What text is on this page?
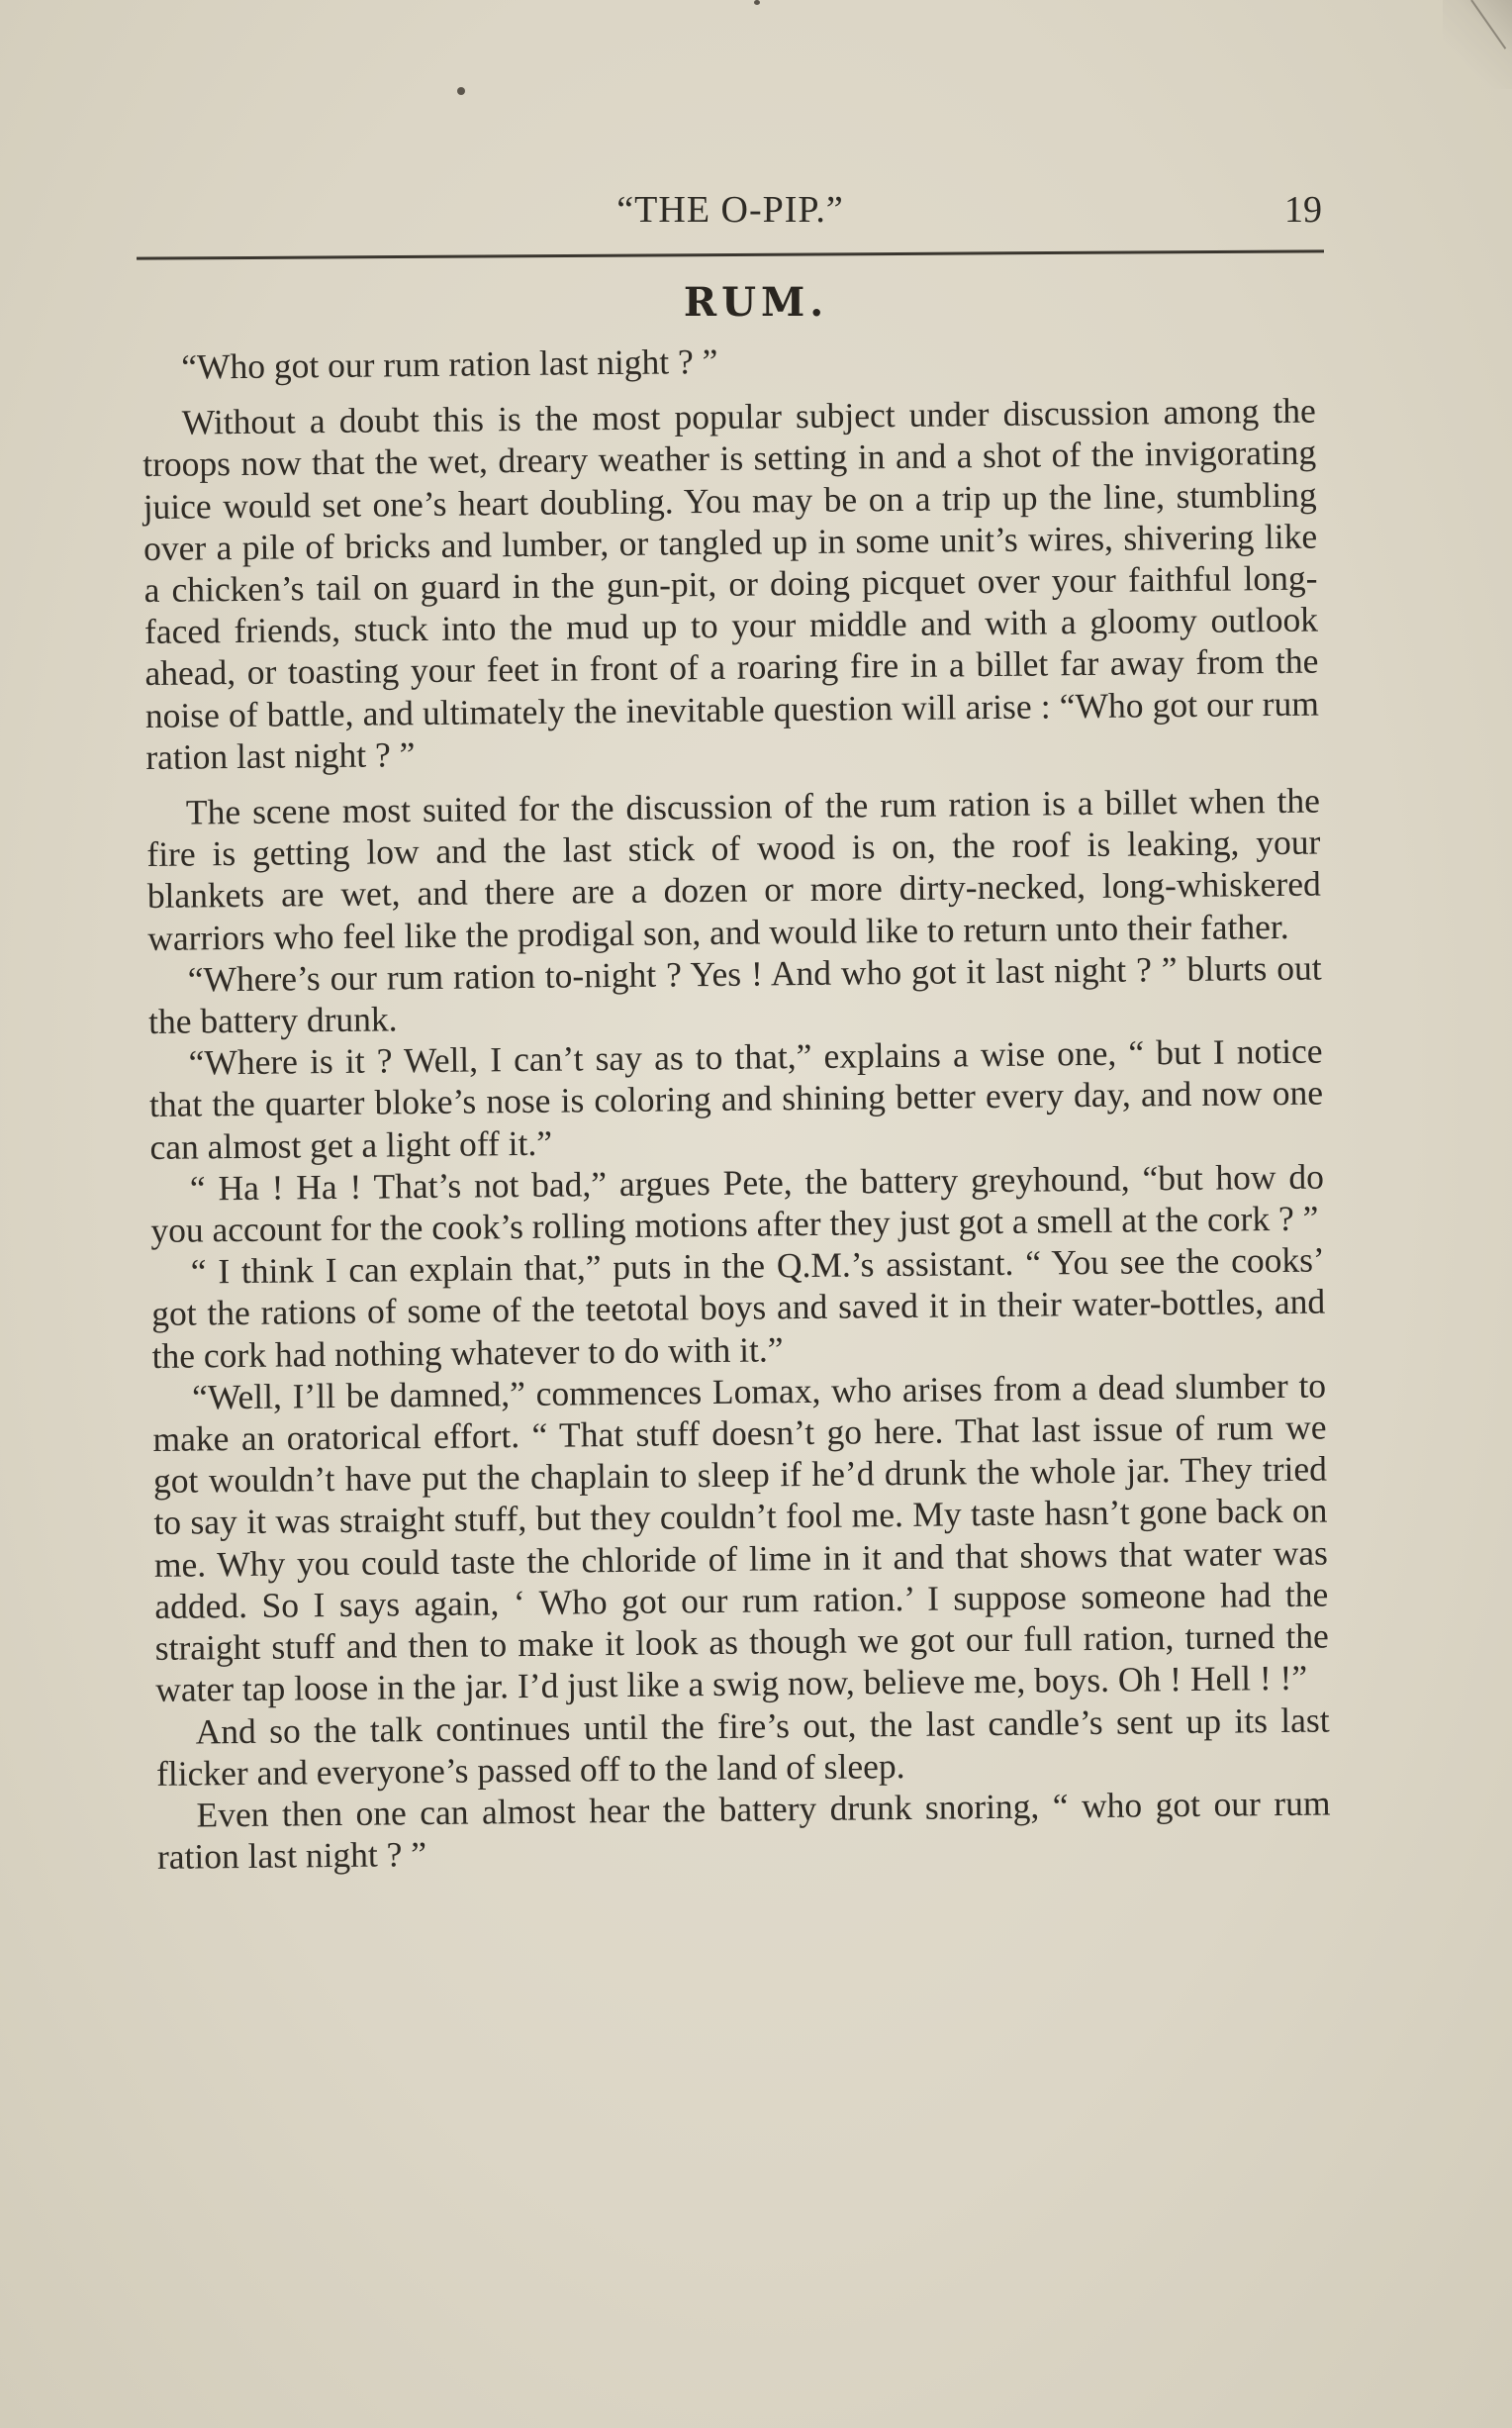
“THE O-PIP.”	19
RUM.

“Who got our rum ration last night ? ”

Without a doubt this is the most popular subject under discussion among the troops now that the wet, dreary weather is setting in and a shot of the invigorating juice would set one’s heart doubling. You may be on a trip up the line, stumbling over a pile of bricks and lumber, or tangled up in some unit’s wires, shivering like a chicken’s tail on guard in the gun-pit, or doing picquet over your faithful long-faced friends, stuck into the mud up to your middle and with a gloomy outlook ahead, or toasting your feet in front of a roaring fire in a billet far away from the noise of battle, and ultimately the inevitable question will arise : “Who got our rum ration last night ? ”

The scene most suited for the discussion of the rum ration is a billet when the fire is getting low and the last stick of wood is on, the roof is leaking, your blankets are wet, and there are a dozen or more dirty-necked, long-whiskered warriors who feel like the prodigal son, and would like to return unto their father.

“Where’s our rum ration to-night ? Yes ! And who got it last night ? ” blurts out the battery drunk.

“Where is it ? Well, I can’t say as to that,” explains a wise one, “ but I notice that the quarter bloke’s nose is coloring and shining better every day, and now one can almost get a light off it.”

“ Ha ! Ha ! That’s not bad,” argues Pete, the battery greyhound, “but how do you account for the cook’s rolling motions after they just got a smell at the cork ? ”

“ I think I can explain that,” puts in the Q.M.’s assistant. “ You see the cooks’ got the rations of some of the teetotal boys and saved it in their water-bottles, and the cork had nothing whatever to do with it.”

“Well, I’ll be damned,” commences Lomax, who arises from a dead slumber to make an oratorical effort. “ That stuff doesn’t go here. That last issue of rum we got wouldn’t have put the chaplain to sleep if he’d drunk the whole jar. They tried to say it was straight stuff, but they couldn’t fool me. My taste hasn’t gone back on me. Why you could taste the chloride of lime in it and that shows that water was added. So I says again, ‘ Who got our rum ration.’ I suppose someone had the straight stuff and then to make it look as though we got our full ration, turned the water tap loose in the jar. I’d just like a swig now, believe me, boys. Oh ! Hell ! !”

And so the talk continues until the fire’s out, the last candle’s sent up its last flicker and everyone’s passed off to the land of sleep.

Even then one can almost hear the battery drunk snoring, “ who got our rum ration last night ? ”
